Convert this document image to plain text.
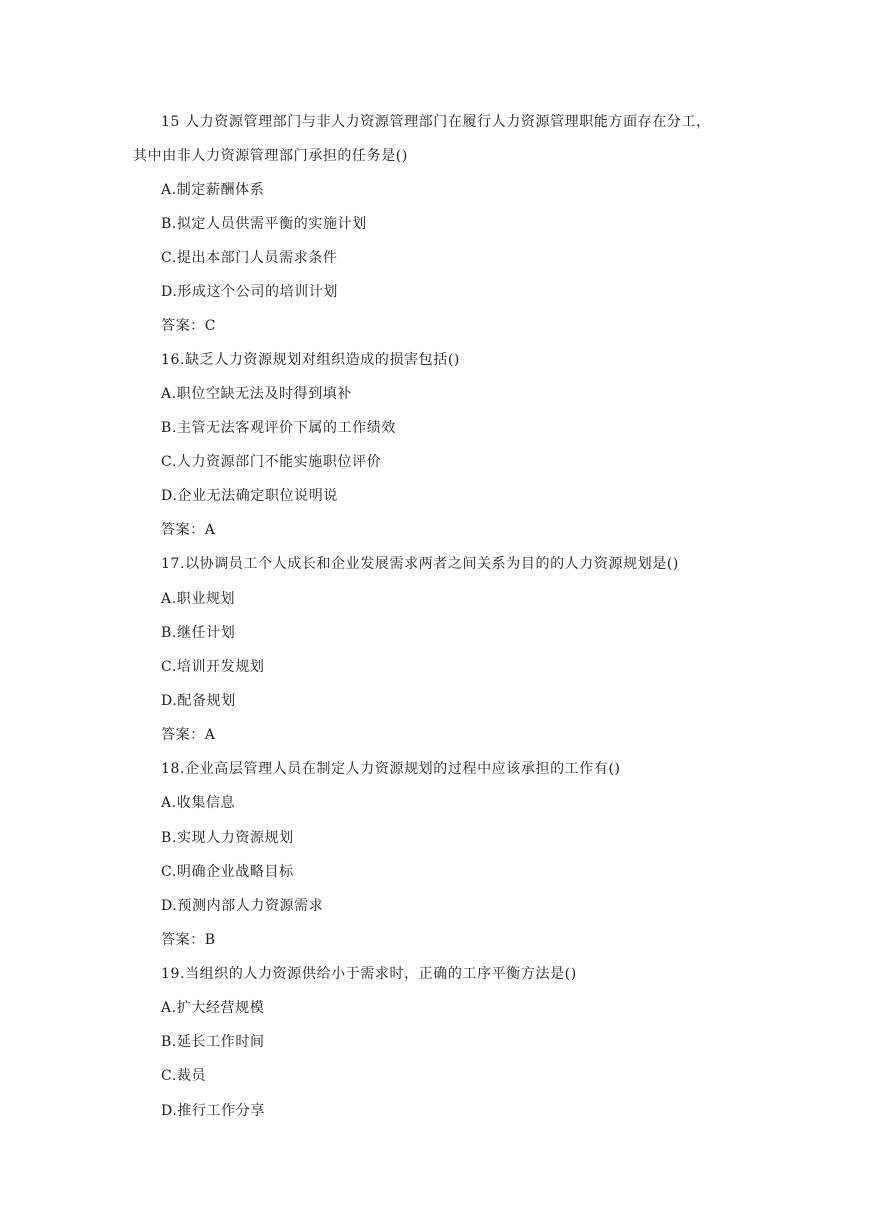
15 人力资源管理部门与非人力资源管理部门在履行人力资源管理职能方面存在分工，
其中由非人力资源管理部门承担的任务是()
A.制定薪酬体系
B.拟定人员供需平衡的实施计划
C.提出本部门人员需求条件
D.形成这个公司的培训计划
答案：C
16.缺乏人力资源规划对组织造成的损害包括()
A.职位空缺无法及时得到填补
B.主管无法客观评价下属的工作绩效
C.人力资源部门不能实施职位评价
D.企业无法确定职位说明说
答案：A
17.以协调员工个人成长和企业发展需求两者之间关系为目的的人力资源规划是()
A.职业规划
B.继任计划
C.培训开发规划
D.配备规划
答案：A
18.企业高层管理人员在制定人力资源规划的过程中应该承担的工作有()
A.收集信息
B.实现人力资源规划
C.明确企业战略目标
D.预测内部人力资源需求
答案：B
19.当组织的人力资源供给小于需求时，正确的工序平衡方法是()
A.扩大经营规模
B.延长工作时间
C.裁员
D.推行工作分享
